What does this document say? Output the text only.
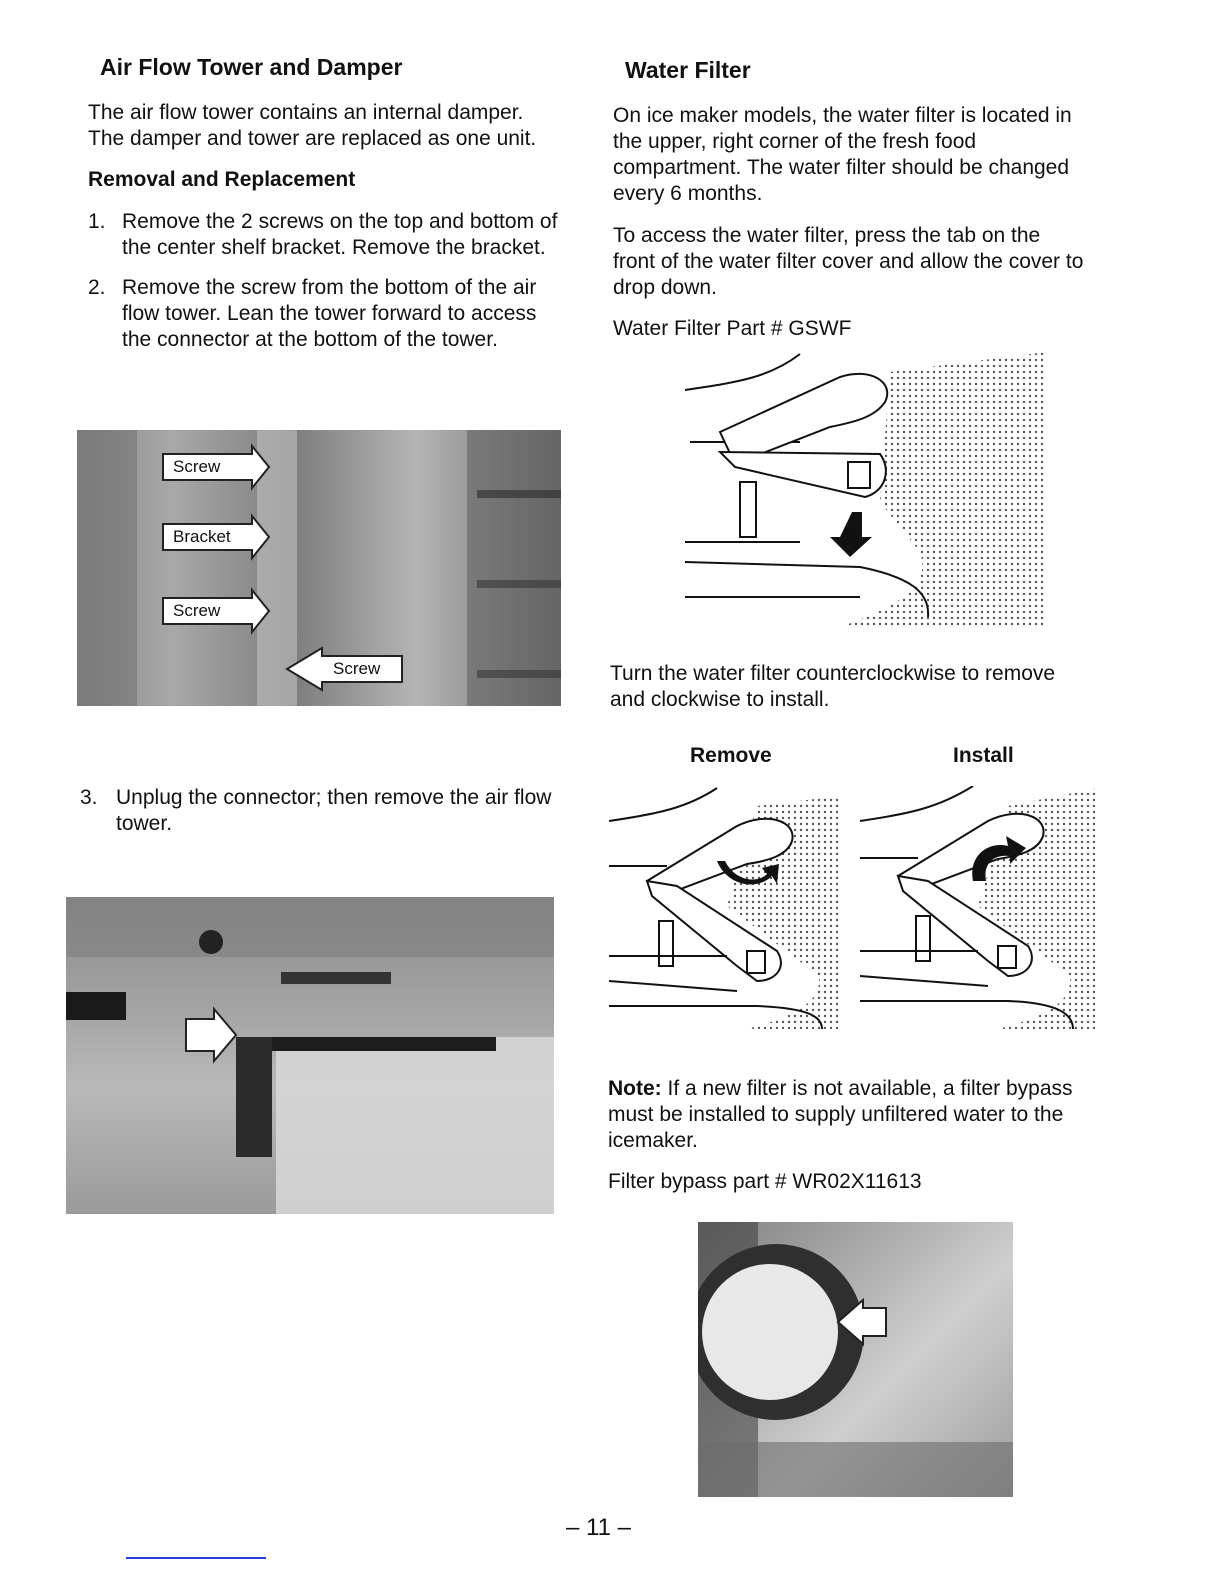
Air Flow Tower and Damper
The air flow tower contains an internal damper.
The damper and tower are replaced as one unit.
Removal and Replacement
1. Remove the 2 screws on the top and bottom of
the center shelf bracket. Remove the bracket.
2. Remove the screw from the bottom of the air
flow tower. Lean the tower forward to access
the connector at the bottom of the tower.
Screw
Bracket
Screw
Screw
3. Unplug the connector; then remove the air flow
tower.
Water Filter
On ice maker models, the water filter is located in
the upper, right corner of the fresh food
compartment. The water filter should be changed
every 6 months.
To access the water filter, press the tab on the
front of the water filter cover and allow the cover to
drop down.
Water Filter Part # GSWF
Turn the water filter counterclockwise to remove
and clockwise to install.
Remove	Install
Note: If a new filter is not available, a filter bypass
must be installed to supply unfiltered water to the
icemaker.
Filter bypass part # WR02X11613
– 11 –
